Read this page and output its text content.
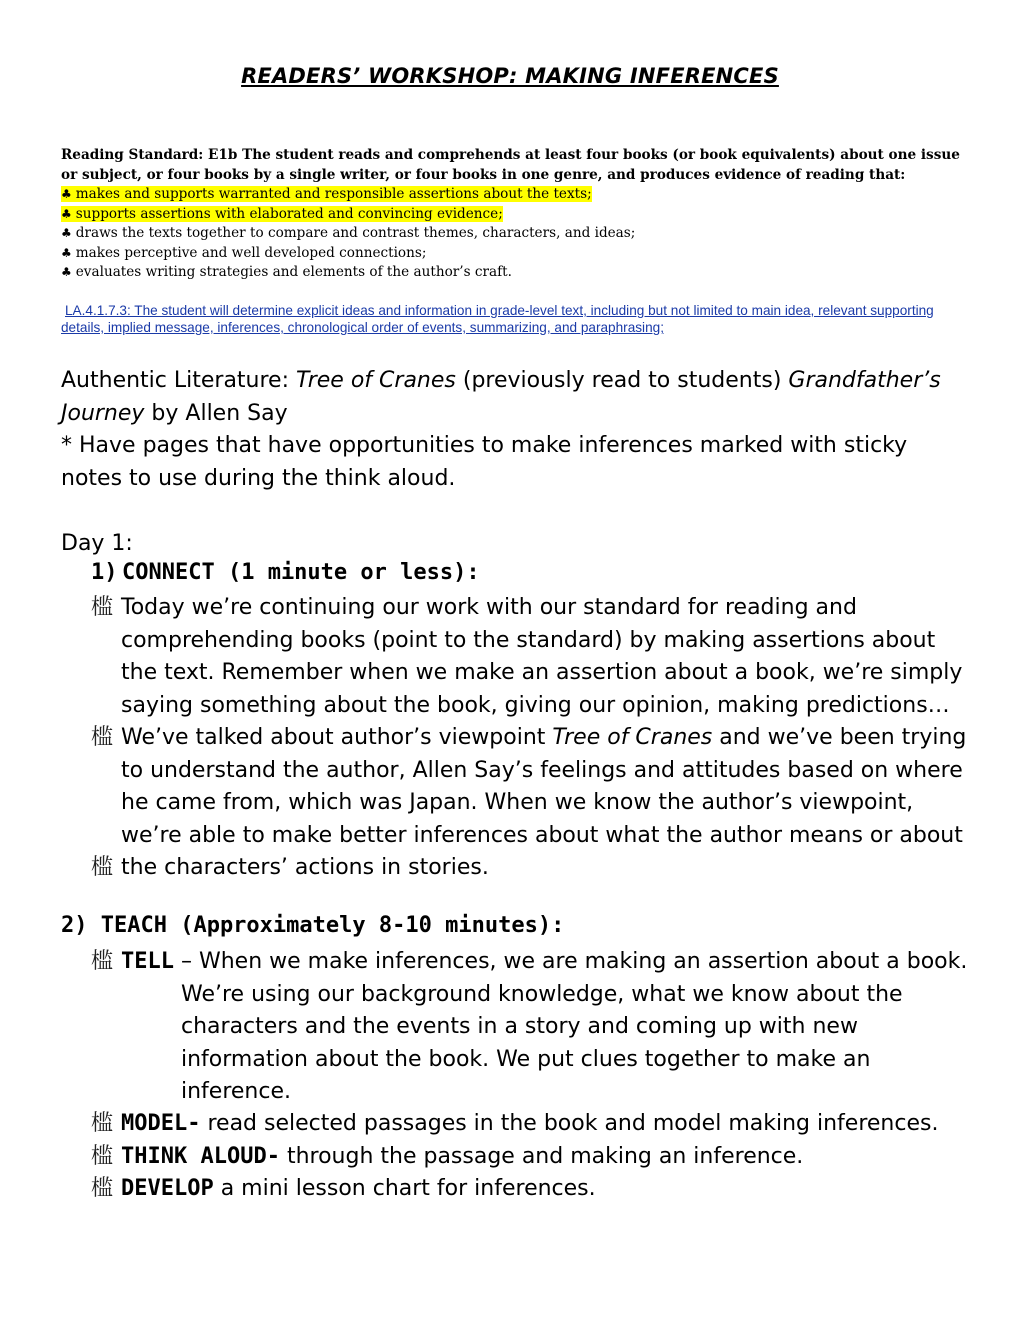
READERS’ WORKSHOP: MAKING INFERENCES
Reading Standard: E1b The student reads and comprehends at least four books (or book equivalents) about one issue or subject, or four books by a single writer, or four books in one genre, and produces evidence of reading that:
♣ makes and supports warranted and responsible assertions about the texts;
♣ supports assertions with elaborated and convincing evidence;
♣ draws the texts together to compare and contrast themes, characters, and ideas;
♣ makes perceptive and well developed connections;
♣ evaluates writing strategies and elements of the author’s craft.
LA.4.1.7.3: The student will determine explicit ideas and information in grade-level text, including but not limited to main idea, relevant supporting details, implied message, inferences, chronological order of events, summarizing, and paraphrasing;
Authentic Literature: Tree of Cranes (previously read to students) Grandfather’s Journey by Allen Say
* Have pages that have opportunities to make inferences marked with sticky notes to use during the think aloud.
Day 1:
1) CONNECT (1 minute or less):
槛 Today we’re continuing our work with our standard for reading and comprehending books (point to the standard) by making assertions about the text. Remember when we make an assertion about a book, we’re simply saying something about the book, giving our opinion, making predictions…
槛 We’ve talked about author’s viewpoint Tree of Cranes and we’ve been trying to understand the author, Allen Say’s feelings and attitudes based on where he came from, which was Japan. When we know the author’s viewpoint, we’re able to make better inferences about what the author means or about the characters’ actions in stories.
槛
2) TEACH (Approximately 8-10 minutes):
槛 TELL – When we make inferences, we are making an assertion about a book.
We’re using our background knowledge, what we know about the characters and the events in a story and coming up with new information about the book. We put clues together to make an inference.
槛 MODEL- read selected passages in the book and model making inferences.
槛 THINK ALOUD- through the passage and making an inference.
槛 DEVELOP a mini lesson chart for inferences.
